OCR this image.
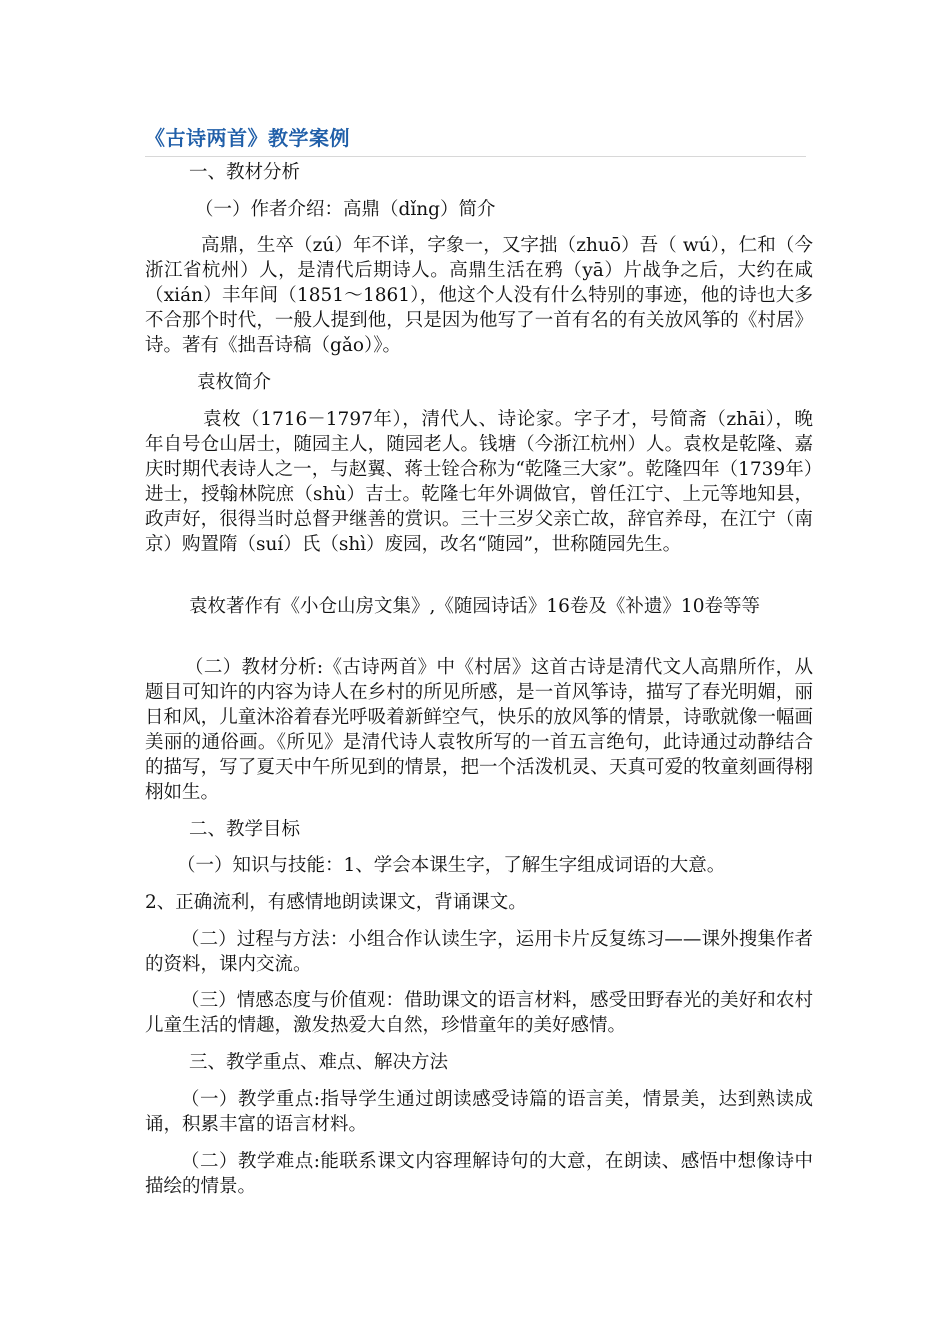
《古诗两首》教学案例

一、教材分析

（一）作者介绍：高鼎（dǐng）简介

高鼎，生卒（zú）年不详，字象一，又字拙（zhuō）吾（ wú），仁和（今浙江省杭州）人，是清代后期诗人。高鼎生活在鸦（yā）片战争之后，大约在咸（xián）丰年间（1851～1861），他这个人没有什么特别的事迹，他的诗也大多不合那个时代，一般人提到他，只是因为他写了一首有名的有关放风筝的《村居》诗。著有《拙吾诗稿（gǎo）》。

袁枚简介

袁枚（1716－1797年），清代人、诗论家。字子才，号简斋（zhāi），晚年自号仓山居士，随园主人，随园老人。钱塘（今浙江杭州）人。袁枚是乾隆、嘉庆时期代表诗人之一，与赵翼、蒋士铨合称为“乾隆三大家”。乾隆四年（1739年）进士，授翰林院庶（shù）吉士。乾隆七年外调做官，曾任江宁、上元等地知县，政声好，很得当时总督尹继善的赏识。三十三岁父亲亡故，辞官养母，在江宁（南京）购置隋（suí）氏（shì）废园，改名“随园”，世称随园先生。

袁枚著作有《小仓山房文集》,《随园诗话》16卷及《补遗》10卷等等

（二）教材分析:《古诗两首》中《村居》这首古诗是清代文人高鼎所作，从题目可知许的内容为诗人在乡村的所见所感，是一首风筝诗，描写了春光明媚，丽日和风，儿童沐浴着春光呼吸着新鲜空气，快乐的放风筝的情景，诗歌就像一幅画美丽的通俗画。《所见》是清代诗人袁牧所写的一首五言绝句，此诗通过动静结合的描写，写了夏天中午所见到的情景，把一个活泼机灵、天真可爱的牧童刻画得栩栩如生。

二、教学目标

（一）知识与技能：1、学会本课生字，了解生字组成词语的大意。

2、正确流利，有感情地朗读课文，背诵课文。

（二）过程与方法：小组合作认读生字，运用卡片反复练习——课外搜集作者的资料，课内交流。

（三）情感态度与价值观：借助课文的语言材料，感受田野春光的美好和农村儿童生活的情趣，激发热爱大自然，珍惜童年的美好感情。

三、教学重点、难点、解决方法

（一）教学重点:指导学生通过朗读感受诗篇的语言美，情景美，达到熟读成诵，积累丰富的语言材料。

（二）教学难点:能联系课文内容理解诗句的大意，在朗读、感悟中想像诗中描绘的情景。
